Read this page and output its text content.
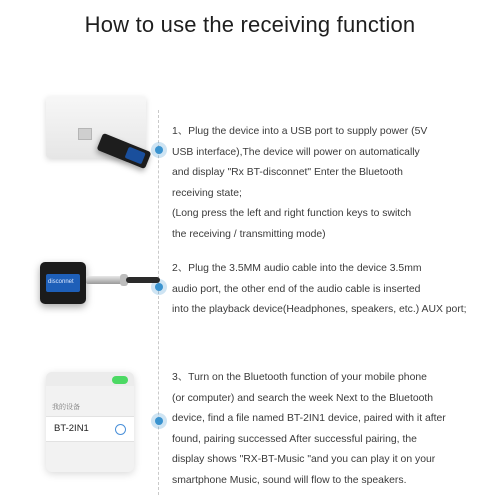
How to use the receiving function
1、Plug the device into a USB port to supply power (5V
USB interface),The device will power on automatically
and display "Rx BT-disconnet" Enter the Bluetooth
receiving state;
(Long press the left and right function keys to switch
the receiving / transmitting mode)
disconnet
2、Plug the 3.5MM audio cable into the device 3.5mm
audio port, the other end of the audio cable is inserted
into the playback device(Headphones, speakers, etc.) AUX port;
我的设备
BT-2IN1
3、Turn on the Bluetooth function of your mobile phone
(or computer) and search the week Next to the Bluetooth
device, find a file named BT-2IN1 device, paired with it after
found, pairing successed After successful pairing, the
display shows "RX-BT-Music "and you can play it on your
smartphone Music, sound will flow to the speakers.
